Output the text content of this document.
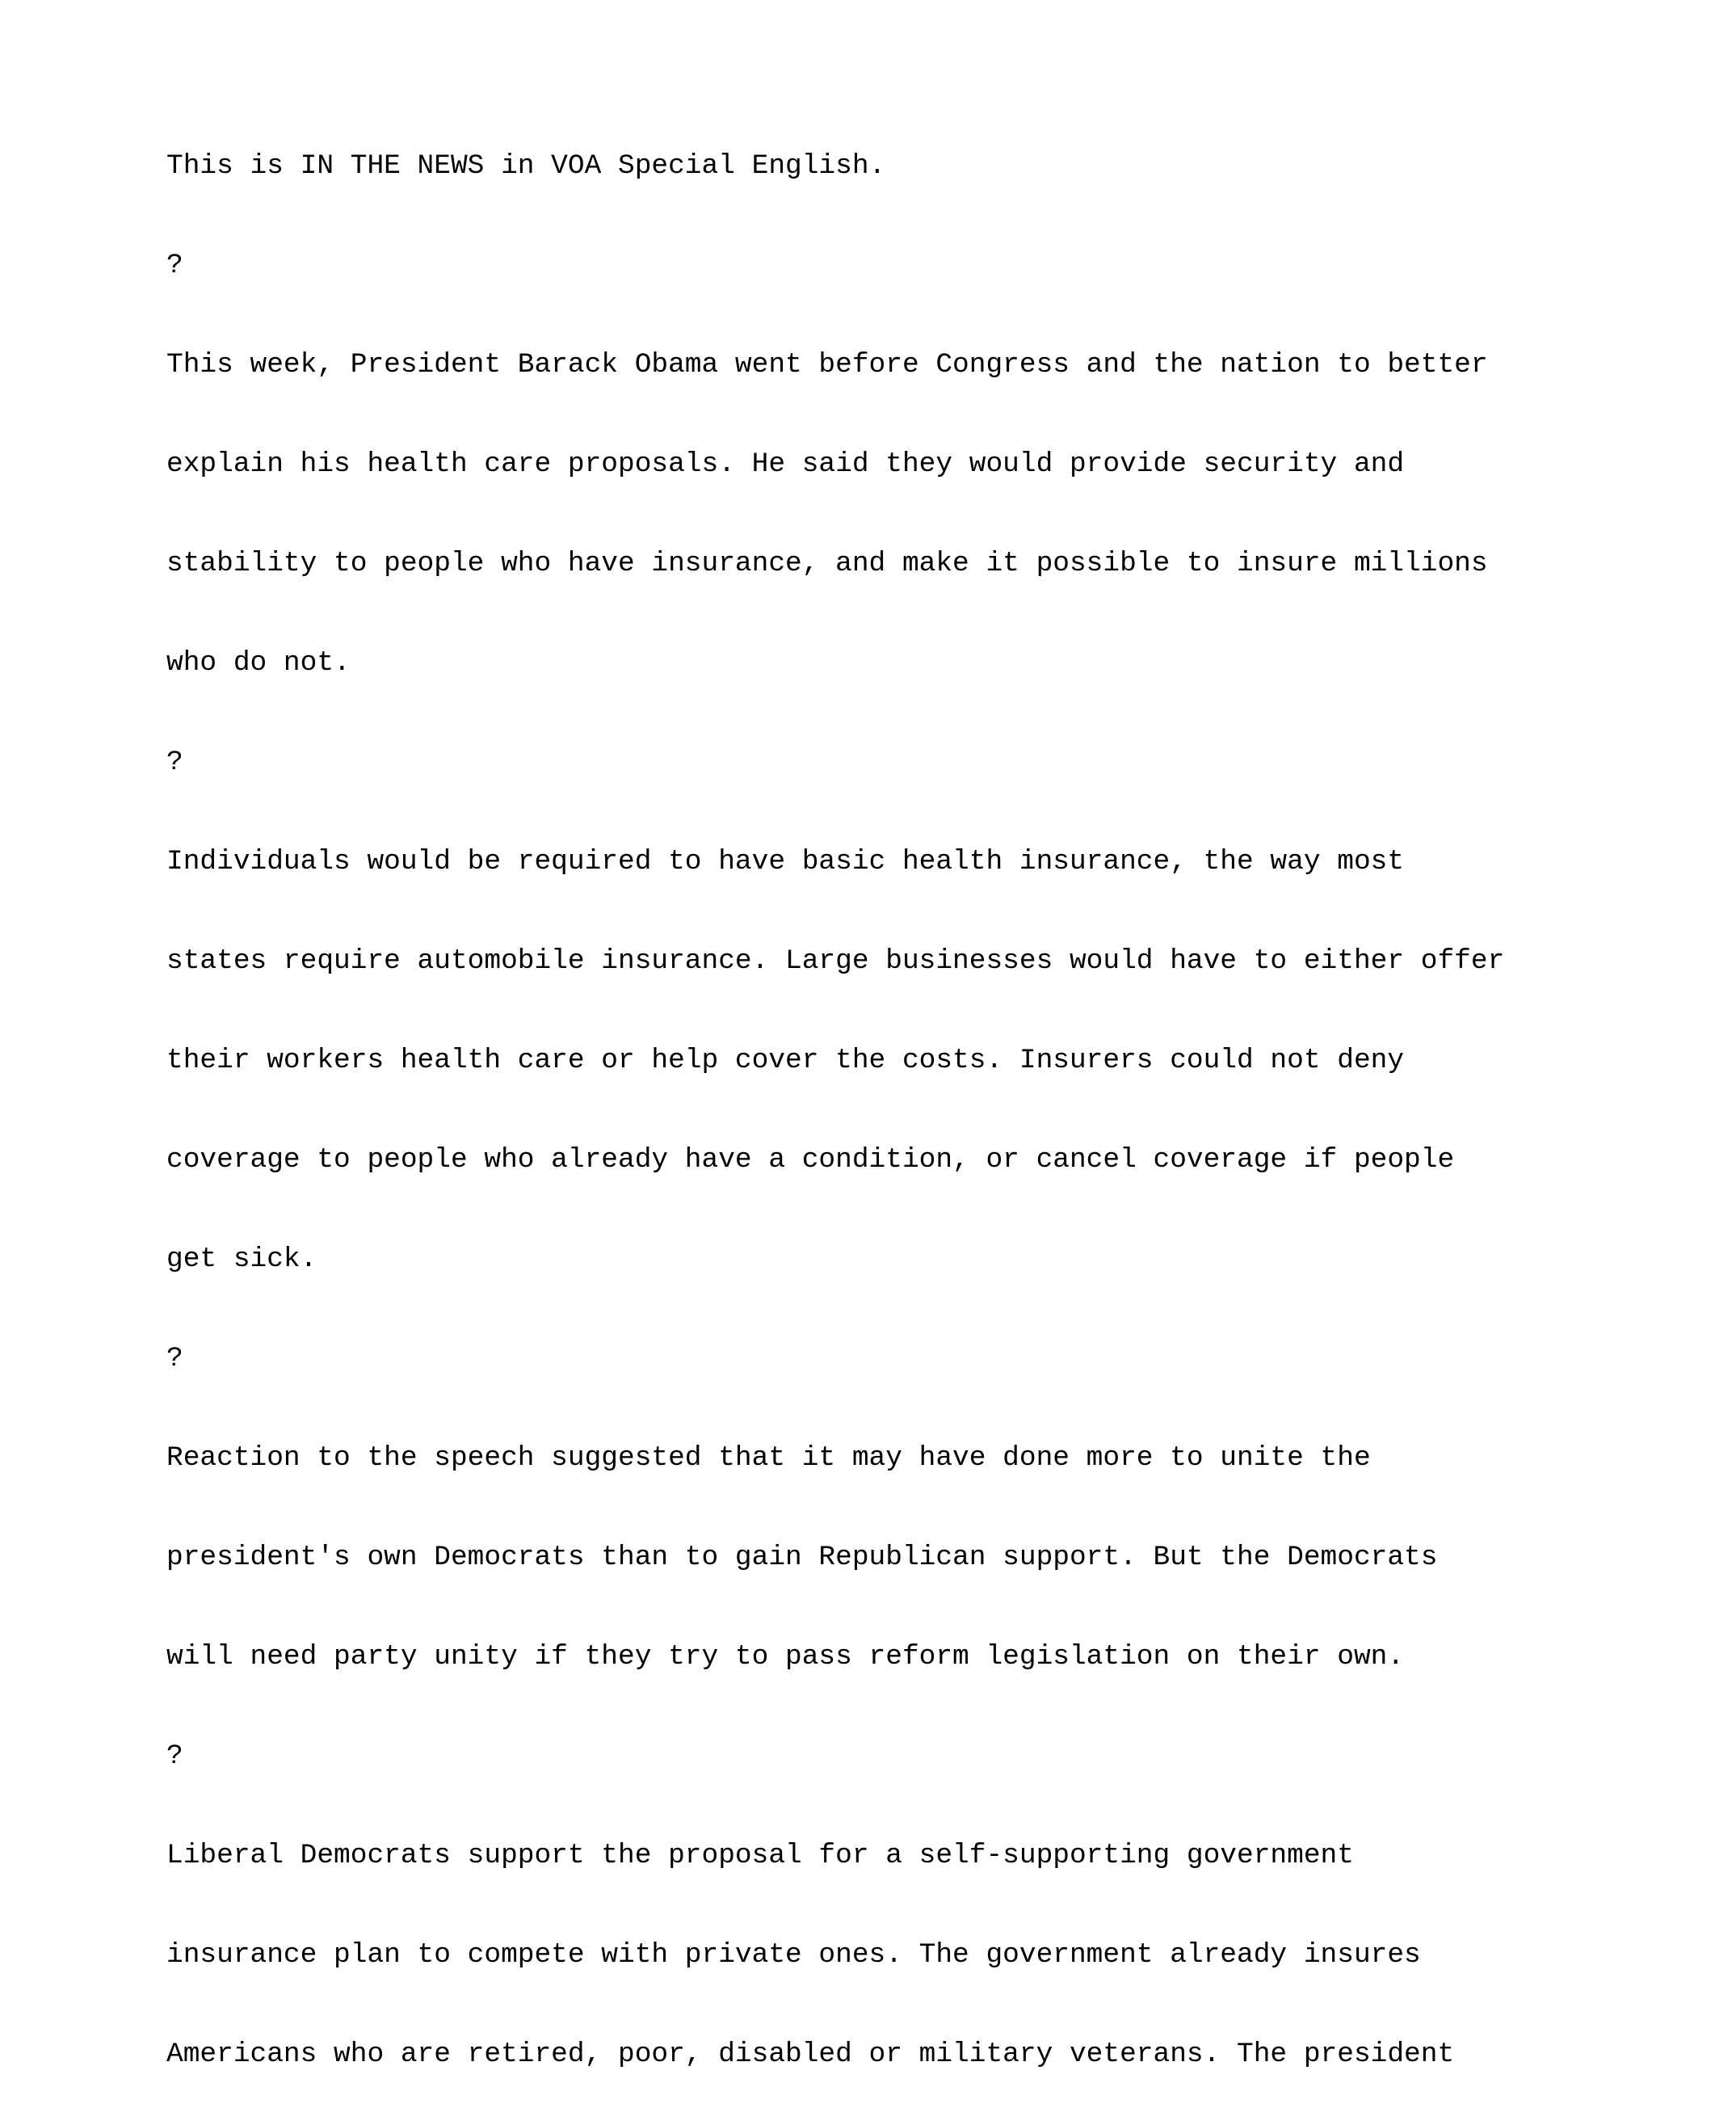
This is IN THE NEWS in VOA Special English.

?

This week, President Barack Obama went before Congress and the nation to better

explain his health care proposals. He said they would provide security and

stability to people who have insurance, and make it possible to insure millions

who do not.

?

Individuals would be required to have basic health insurance, the way most

states require automobile insurance. Large businesses would have to either offer

their workers health care or help cover the costs. Insurers could not deny

coverage to people who already have a condition, or cancel coverage if people

get sick.

?

Reaction to the speech suggested that it may have done more to unite the

president's own Democrats than to gain Republican support. But the Democrats

will need party unity if they try to pass reform legislation on their own.

?

Liberal Democrats support the proposal for a self-supporting government

insurance plan to compete with private ones. The government already insures

Americans who are retired, poor, disabled or military veterans. The president
